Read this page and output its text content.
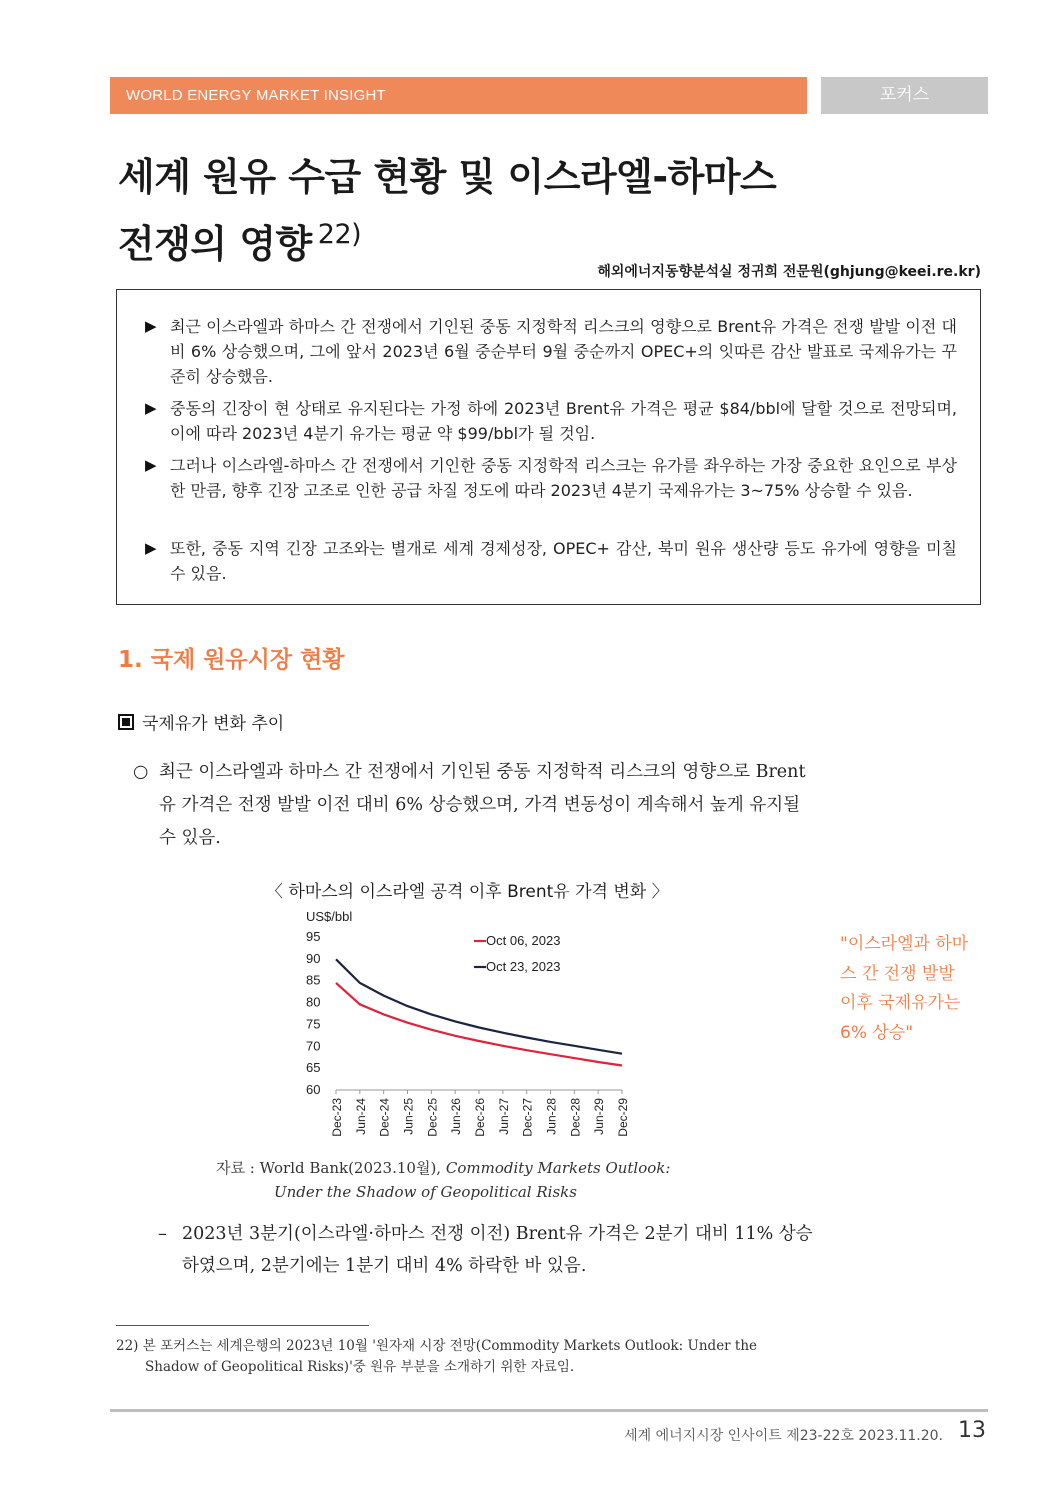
WORLD ENERGY MARKET INSIGHT	포커스
세계 원유 수급 현황 및 이스라엘-하마스
전쟁의 영향 $^{22)}$
해외에너지동향분석실 정귀희 전문원(ghjung@keei.re.kr)
▶ 최근 이스라엘과 하마스 간 전쟁에서 기인된 중동 지정학적 리스크의 영향으로 Brent유 가격은 전쟁 발발 이전 대비 6% 상승했으며, 그에 앞서 2023년 6월 중순부터 9월 중순까지 OPEC+의 잇따른 감산 발표로 국제유가는 꾸준히 상승했음.
▶ 중동의 긴장이 현 상태로 유지된다는 가정 하에 2023년 Brent유 가격은 평균 $84/bbl에 달할 것으로 전망되며, 이에 따라 2023년 4분기 유가는 평균 약 $99/bbl가 될 것임.
▶ 그러나 이스라엘-하마스 간 전쟁에서 기인한 중동 지정학적 리스크는 유가를 좌우하는 가장 중요한 요인으로 부상한 만큼, 향후 긴장 고조로 인한 공급 차질 정도에 따라 2023년 4분기 국제유가는 3~75% 상승할 수 있음.
▶ 또한, 중동 지역 긴장 고조와는 별개로 세계 경제성장, OPEC+ 감산, 북미 원유 생산량 등도 유가에 영향을 미칠 수 있음.
1. 국제 원유시장 현황
국제유가 변화 추이
○ 최근 이스라엘과 하마스 간 전쟁에서 기인된 중동 지정학적 리스크의 영향으로 Brent유 가격은 전쟁 발발 이전 대비 6% 상승했으며, 가격 변동성이 계속해서 높게 유지될 수 있음.
〈 하마스의 이스라엘 공격 이후 Brent유 가격 변화 〉
US$/bbl
95
90
85
80
75
70
65
60
Dec-23 Jun-24 Dec-24 Jun-25 Dec-25 Jun-26 Dec-26 Jun-27 Dec-27 Jun-28 Dec-28 Jun-29 Dec-29
Oct 06, 2023
Oct 23, 2023
"이스라엘과 하마스 간 전쟁 발발 이후 국제유가는 6% 상승"
자료 : World Bank(2023.10월), Commodity Markets Outlook:
Under the Shadow of Geopolitical Risks
– 2023년 3분기(이스라엘·하마스 전쟁 이전) Brent유 가격은 2분기 대비 11% 상승하였으며, 2분기에는 1분기 대비 4% 하락한 바 있음.
22) 본 포커스는 세계은행의 2023년 10월 '원자재 시장 전망(Commodity Markets Outlook: Under the
Shadow of Geopolitical Risks)'중 원유 부분을 소개하기 위한 자료임.
세계 에너지시장 인사이트 제23-22호 2023.11.20. 13
